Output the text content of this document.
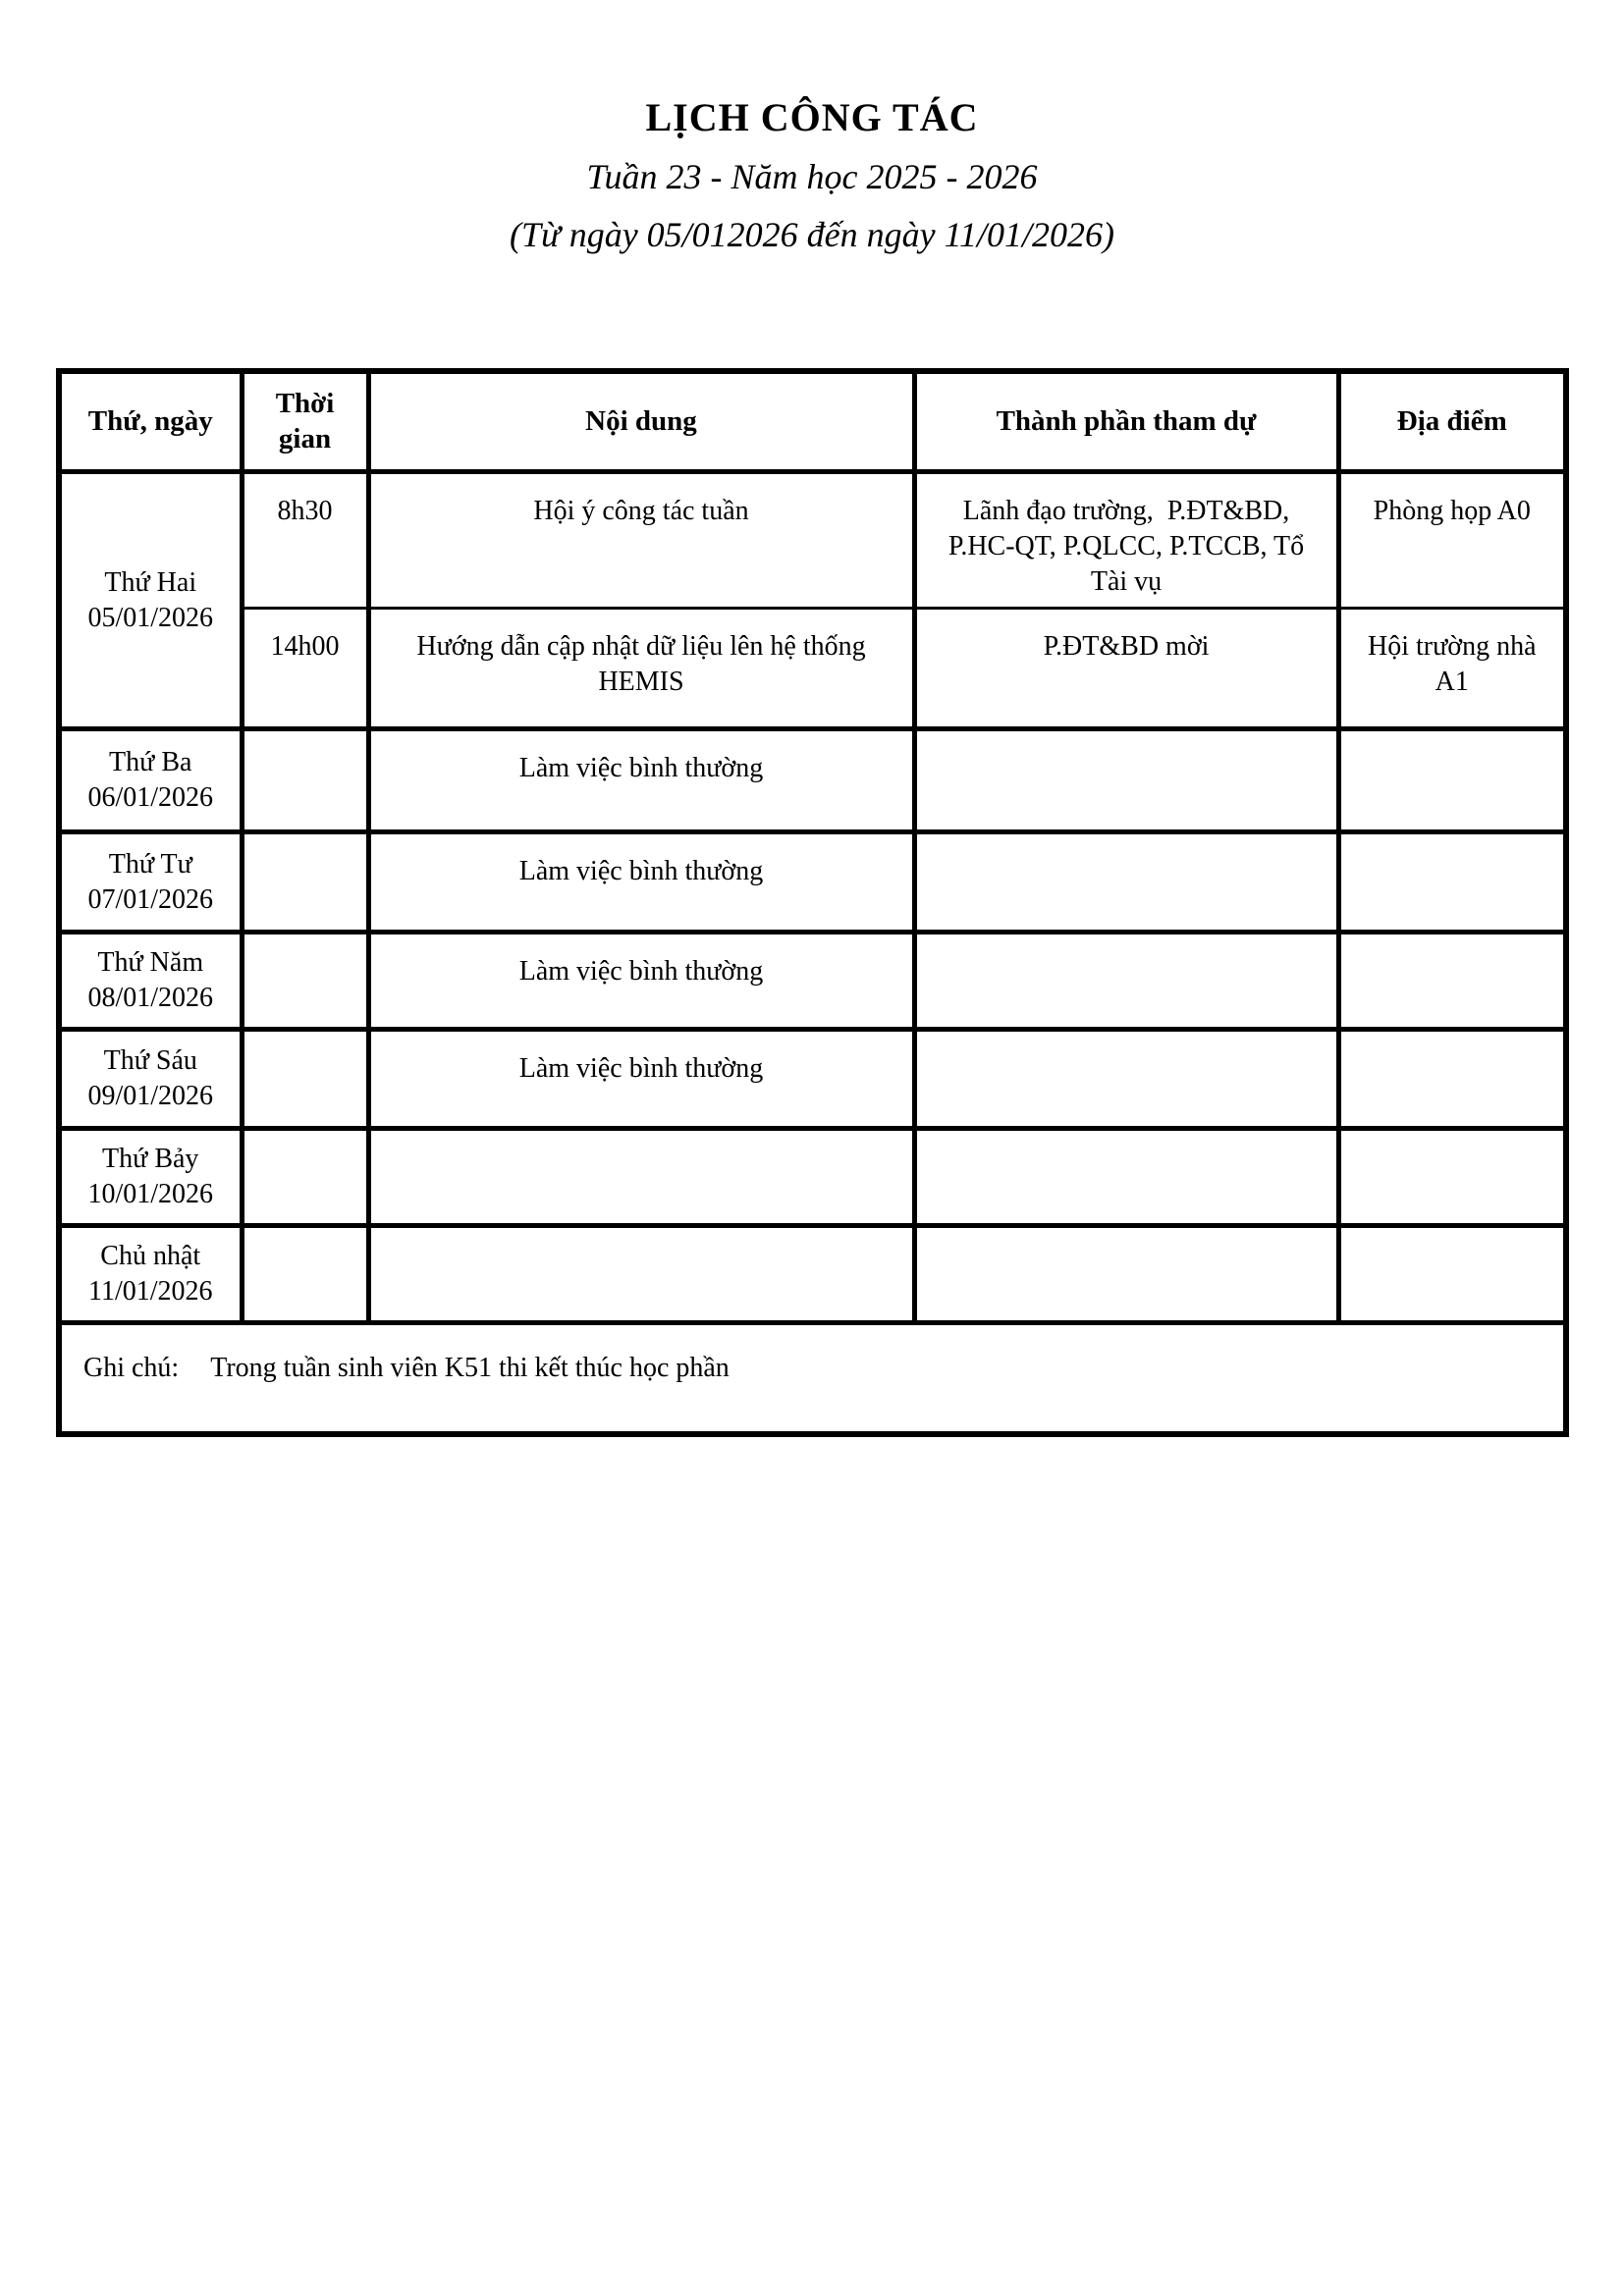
LỊCH CÔNG TÁC

Tuần 23 - Năm học 2025 - 2026

(Từ ngày 05/012026 đến ngày 11/01/2026)

Thứ, ngày	Thời gian	Nội dung	Thành phần tham dự	Địa điểm

Thứ Hai
05/01/2026	8h30	Hội ý công tác tuần	Lãnh đạo trường,  P.ĐT&BD, P.HC-QT, P.QLCC, P.TCCB, Tổ Tài vụ	Phòng họp A0
	14h00	Hướng dẫn cập nhật dữ liệu lên hệ thống HEMIS	P.ĐT&BD mời	Hội trường nhà A1

Thứ Ba
06/01/2026		Làm việc bình thường		

Thứ Tư
07/01/2026		Làm việc bình thường		

Thứ Năm
08/01/2026		Làm việc bình thường		

Thứ Sáu
09/01/2026		Làm việc bình thường		

Thứ Bảy
10/01/2026				

Chủ nhật
11/01/2026				

Ghi chú: Trong tuần sinh viên K51 thi kết thúc học phần				
